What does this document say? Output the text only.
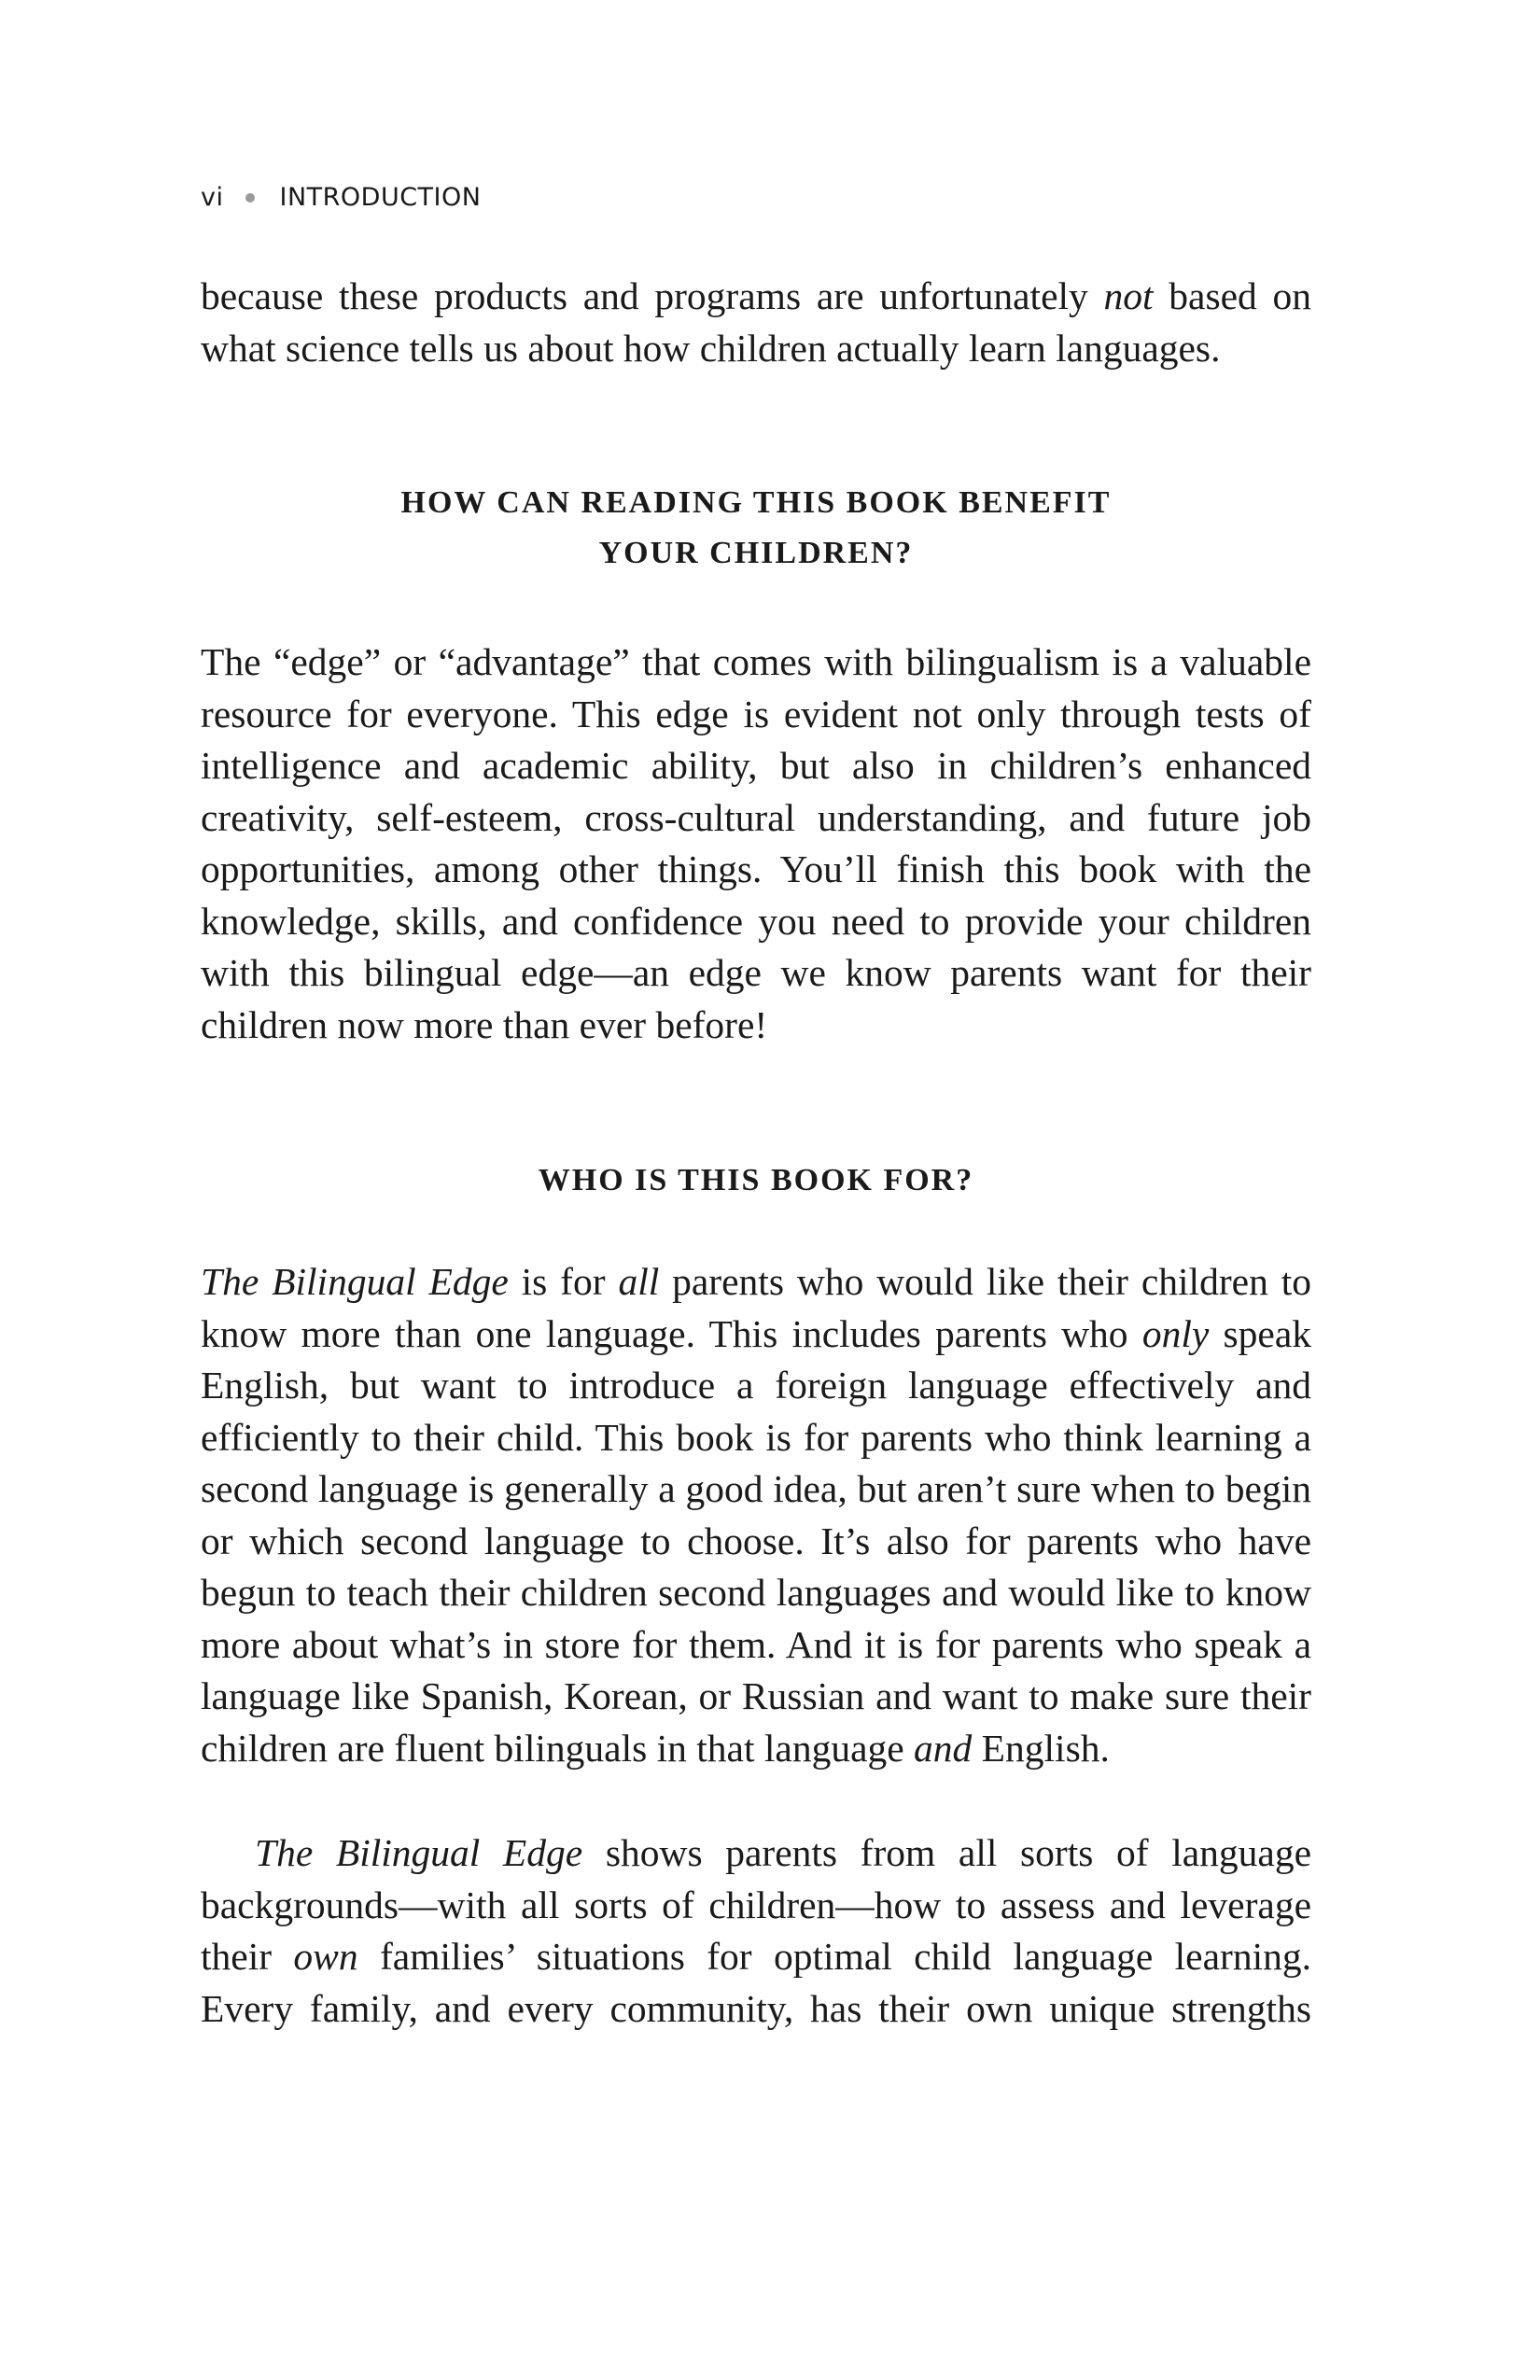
vi INTRODUCTION

because these products and programs are unfortunately not based on what science tells us about how children actually learn languages.

HOW CAN READING THIS BOOK BENEFIT
YOUR CHILDREN?

The “edge” or “advantage” that comes with bilingualism is a valuable resource for everyone. This edge is evident not only through tests of intelligence and academic ability, but also in children’s enhanced creativity, self-esteem, cross-cultural understanding, and future job opportunities, among other things. You’ll finish this book with the knowledge, skills, and confidence you need to provide your children with this bilingual edge—an edge we know parents want for their children now more than ever before!

WHO IS THIS BOOK FOR?

The Bilingual Edge is for all parents who would like their children to know more than one language. This includes parents who only speak English, but want to introduce a foreign language effectively and efficiently to their child. This book is for parents who think learning a second language is generally a good idea, but aren’t sure when to begin or which second language to choose. It’s also for parents who have begun to teach their children second languages and would like to know more about what’s in store for them. And it is for parents who speak a language like Spanish, Korean, or Russian and want to make sure their children are fluent bilinguals in that language and English.

The Bilingual Edge shows parents from all sorts of language backgrounds—with all sorts of children—how to assess and leverage their own families’ situations for optimal child language learning. Every family, and every community, has their own unique strengths
